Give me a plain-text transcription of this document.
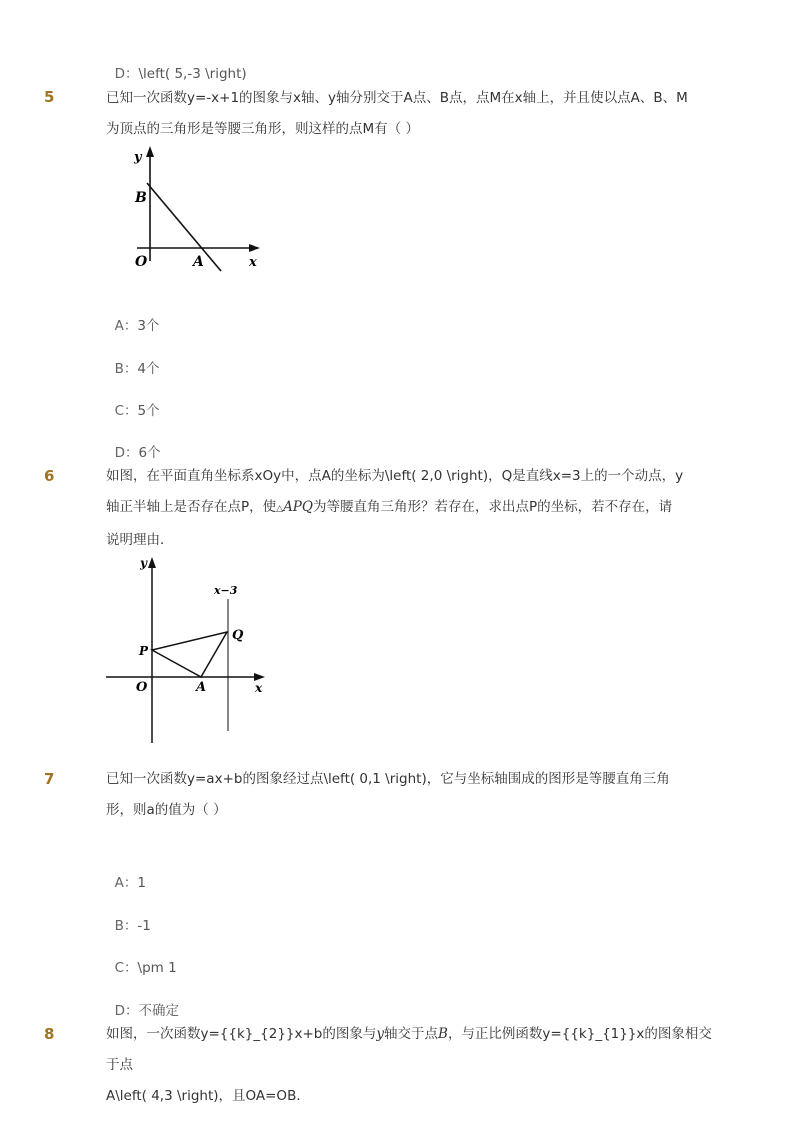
D：\left( 5,-3 \right)

5	已知一次函数y=-x+1的图象与x轴、y轴分别交于A点、B点，点M在x轴上，并且使以点A、B、M
为顶点的三角形是等腰三角形，则这样的点M有（ ）
y
B
O	A	x

A：3个

B：4个

C：5个

D：6个

6	如图，在平面直角坐标系xOy中，点A的坐标为\left( 2,0 \right)，Q是直线x=3上的一个动点，y
轴正半轴上是否存在点P，使△APQ为等腰直角三角形？若存在，求出点P的坐标，若不存在，请
说明理由．
y
x−3
Q
P
O	A	x
7	已知一次函数y=ax+b的图象经过点\left( 0,1 \right)，它与坐标轴围成的图形是等腰直角三角
形，则a的值为（ ）

A：1

B：-1

C：\pm 1

D：不确定

8	如图，一次函数y={{k}_{2}}x+b的图象与y轴交于点B，与正比例函数y={{k}_{1}}x的图象相交于点
A\left( 4,3 \right)，且OA=OB．
